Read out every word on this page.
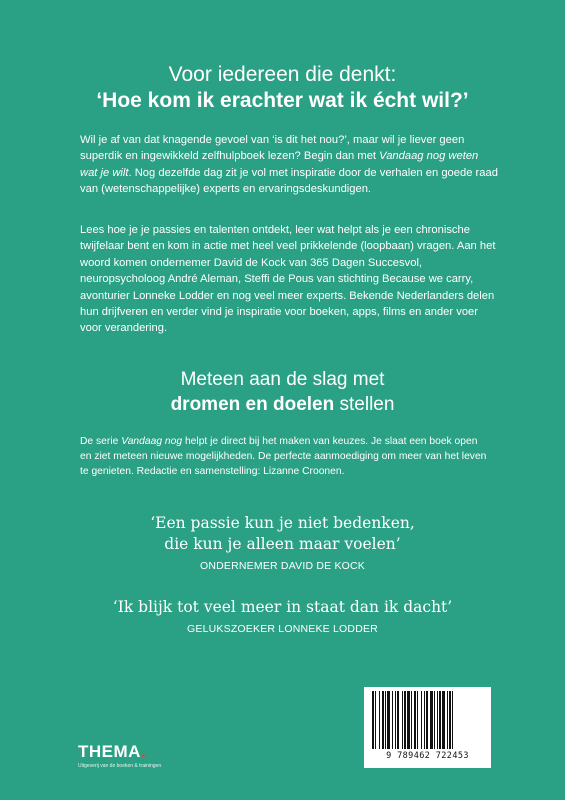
Voor iedereen die denkt:
‘Hoe kom ik erachter wat ik écht wil?’
Wil je af van dat knagende gevoel van ‘is dit het nou?’, maar wil je liever geen superdik en ingewikkeld zelfhulpboek lezen? Begin dan met Vandaag nog weten wat je wilt. Nog dezelfde dag zit je vol met inspiratie door de verhalen en goede raad van (wetenschappelijke) experts en ervaringsdeskundigen.
Lees hoe je je passies en talenten ontdekt, leer wat helpt als je een chronische twijfelaar bent en kom in actie met heel veel prikkelende (loopbaan) vragen. Aan het woord komen ondernemer David de Kock van 365 Dagen Succesvol, neuropsycholoog André Aleman, Steffi de Pous van stichting Because we carry, avonturier Lonneke Lodder en nog veel meer experts. Bekende Nederlanders delen hun drijfveren en verder vind je inspiratie voor boeken, apps, films en ander voer voor verandering.
Meteen aan de slag met
dromen en doelen stellen
De serie Vandaag nog helpt je direct bij het maken van keuzes. Je slaat een boek open en ziet meteen nieuwe mogelijkheden. De perfecte aanmoediging om meer van het leven te genieten. Redactie en samenstelling: Lizanne Croonen.
‘Een passie kun je niet bedenken,
die kun je alleen maar voelen’
ONDERNEMER DAVID DE KOCK
‘Ik blijk tot veel meer in staat dan ik dacht’
GELUKSZOEKER LONNEKE LODDER
THEMA.
Uitgeverij van de boeken & trainingen
9 789462 722453
